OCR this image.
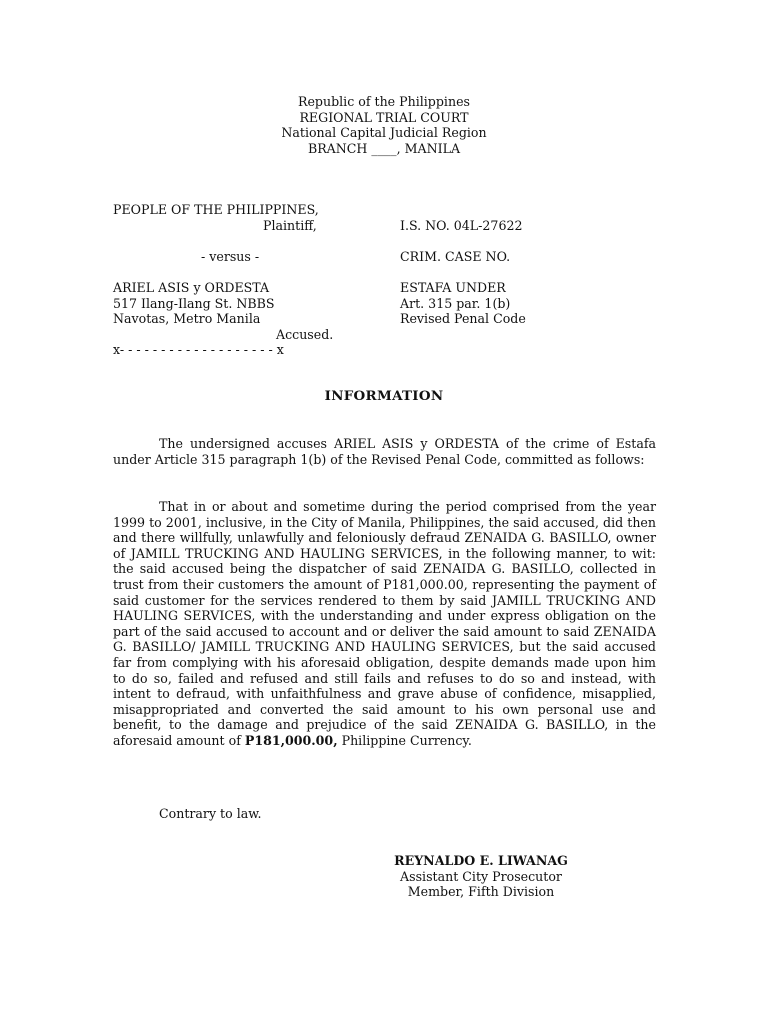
Republic of the Philippines
REGIONAL TRIAL COURT
National Capital Judicial Region
BRANCH ____, MANILA
PEOPLE OF THE PHILIPPINES,
Plaintiff,	I.S. NO. 04L-27622
- versus -	CRIM. CASE NO.
ARIEL ASIS y ORDESTA	ESTAFA UNDER
517 Ilang-Ilang St. NBBS	Art. 315 par. 1(b)
Navotas, Metro Manila	Revised Penal Code
Accused.
x- - - - - - - - - - - - - - - - - - - x
INFORMATION

The undersigned accuses ARIEL ASIS y ORDESTA of the crime of Estafa under Article 315 paragraph 1(b) of the Revised Penal Code, committed as follows:

That in or about and sometime during the period comprised from the year 1999 to 2001, inclusive, in the City of Manila, Philippines, the said accused, did then and there willfully, unlawfully and feloniously defraud ZENAIDA G. BASILLO, owner of JAMILL TRUCKING AND HAULING SERVICES, in the following manner, to wit: the said accused being the dispatcher of said ZENAIDA G. BASILLO, collected in trust from their customers the amount of P181,000.00, representing the payment of said customer for the services rendered to them by said JAMILL TRUCKING AND HAULING SERVICES, with the understanding and under express obligation on the part of the said accused to account and or deliver the said amount to said ZENAIDA G. BASILLO/ JAMILL TRUCKING AND HAULING SERVICES, but the said accused far from complying with his aforesaid obligation, despite demands made upon him to do so, failed and refused and still fails and refuses to do so and instead, with intent to defraud, with unfaithfulness and grave abuse of confidence, misapplied, misappropriated and converted the said amount to his own personal use and benefit, to the damage and prejudice of the said ZENAIDA G. BASILLO, in the aforesaid amount of P181,000.00, Philippine Currency.

Contrary to law.

REYNALDO E. LIWANAG
Assistant City Prosecutor
Member, Fifth Division
